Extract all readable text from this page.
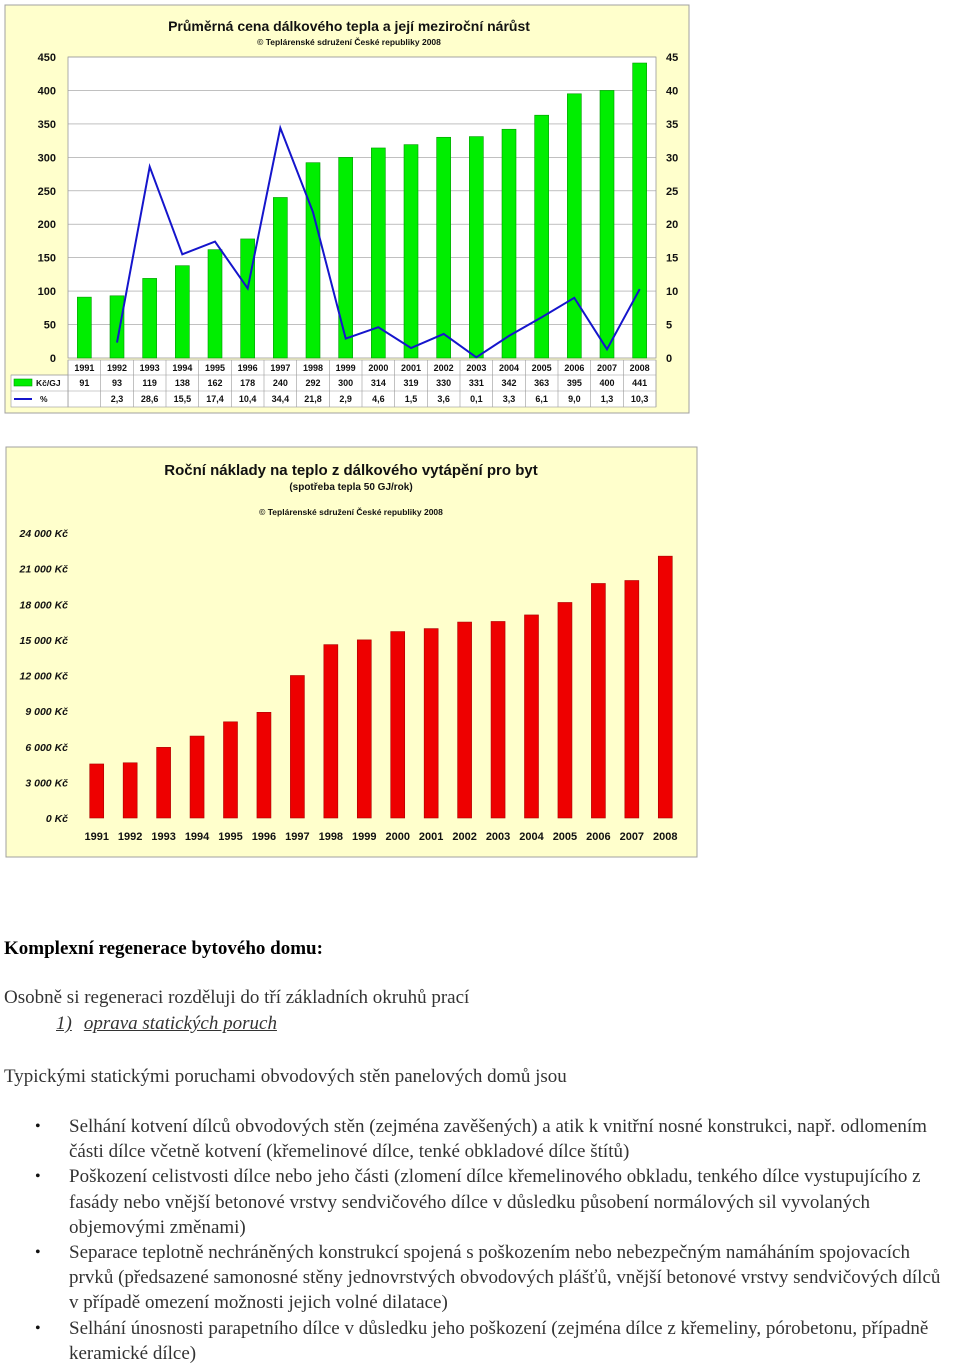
Průměrná cena dálkového tepla a její meziroční nárůst
© Teplárenské sdružení České republiky 2008
0
50
100
150
200
250
300
350
400
450
0
5
10
15
20
25
30
35
40
45
1991 1992 1993 1994 1995 1996 1997 1998 1999 2000 2001 2002 2003 2004 2005 2006 2007 2008
Kč/GJ
%
91	93 119 138 162 178 240 292 300 314 319 330 331 342 363 395 400 441
2,3 28,6 15,5 17,4 10,4 34,4 21,8 2,9 4,6 1,5 3,6 0,1 3,3 6,1 9,0 1,3 10,3
Roční náklady na teplo z dálkového vytápění pro byt
(spotřeba tepla 50 GJ/rok)
© Teplárenské sdružení České republiky 2008
0 Kč
3 000 Kč
6 000 Kč
9 000 Kč
12 000 Kč
15 000 Kč
18 000 Kč
21 000 Kč
24 000 Kč
1991 1992 1993 1994 1995 1996 1997 1998 1999 2000 2001 2002 2003 2004 2005 2006 2007 2008
Komplexní regenerace bytového domu:
Osobně si regeneraci rozděluji do tří základních okruhů prací
1) oprava statických poruch
Typickými statickými poruchami obvodových stěn panelových domů jsou
• Selhání kotvení dílců obvodových stěn (zejména zavěšených) a atik k vnitřní nosné konstrukci, např. odlomením části dílce včetně kotvení (křemelinové dílce, tenké obkladové dílce štítů)
• Poškození celistvosti dílce nebo jeho části (zlomení dílce křemelinového obkladu, tenkého dílce vystupujícího z fasády nebo vnější betonové vrstvy sendvičového dílce v důsledku působení normálových sil vyvolaných objemovými změnami)
• Separace teplotně nechráněných konstrukcí spojená s poškozením nebo nebezpečným namáháním spojovacích prvků (předsazené samonosné stěny jednovrstvých obvodových plášťů, vnější betonové vrstvy sendvičových dílců v případě omezení možnosti jejich volné dilatace)
• Selhání únosnosti parapetního dílce v důsledku jeho poškození (zejména dílce z křemeliny, pórobetonu, případně keramické dílce)
